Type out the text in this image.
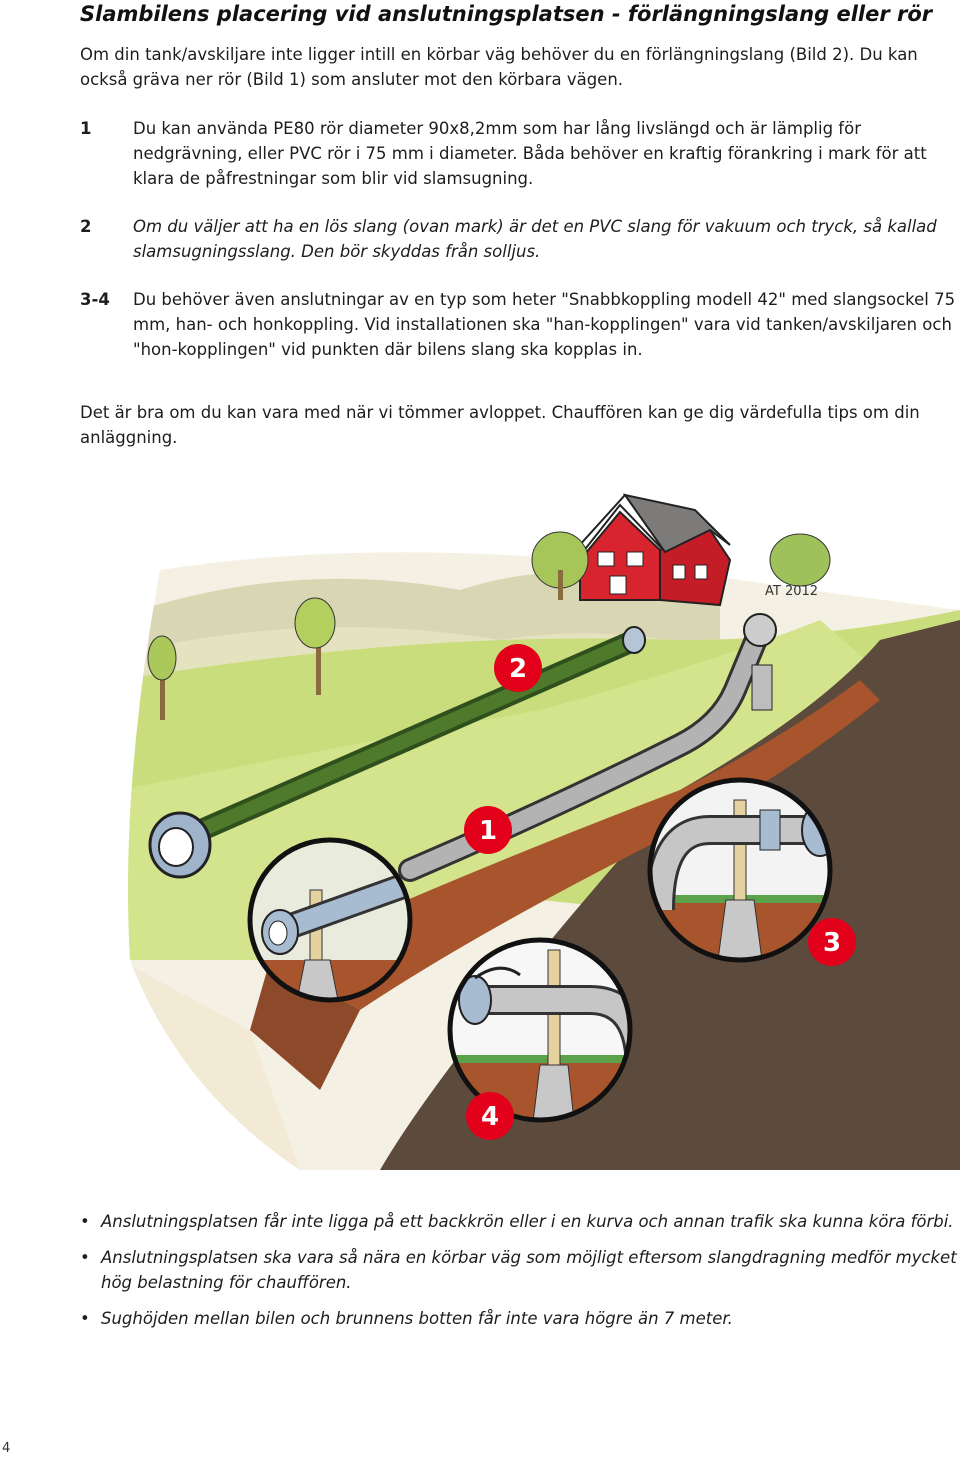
Slambilens placering vid anslutningsplatsen - förlängningslang eller rör

Om din tank/avskiljare inte ligger intill en körbar väg behöver du en förlängningslang (Bild 2). Du kan också gräva ner rör (Bild 1) som ansluter mot den körbara vägen.

1	Du kan använda PE80 rör diameter 90x8,2mm som har lång livslängd och är lämplig för nedgrävning, eller PVC rör i 75 mm i diameter. Båda behöver en kraftig förankring i mark för att klara de påfrestningar som blir vid slamsugning.
2	Om du väljer att ha en lös slang (ovan mark) är det en PVC slang för vakuum och tryck, så kallad slamsugningsslang. Den bör skyddas från solljus.
3-4 Du behöver även anslutningar av en typ som heter "Snabbkoppling modell 42" med slangsockel 75 mm, han- och honkoppling. Vid installationen ska "han-kopplingen" vara vid tanken/avskiljaren och "hon-kopplingen" vid punkten där bilens slang ska kopplas in.

Det är bra om du kan vara med när vi tömmer avloppet. Chauffören kan ge dig värdefulla tips om din anläggning.

AT 2012
2
1
3
4
• Anslutningsplatsen får inte ligga på ett backkrön eller i en kurva och annan trafik ska kunna köra förbi.
• Anslutningsplatsen ska vara så nära en körbar väg som möjligt eftersom slangdragning medför mycket hög belastning för chauffören.
• Sughöjden mellan bilen och brunnens botten får inte vara högre än 7 meter.
4
